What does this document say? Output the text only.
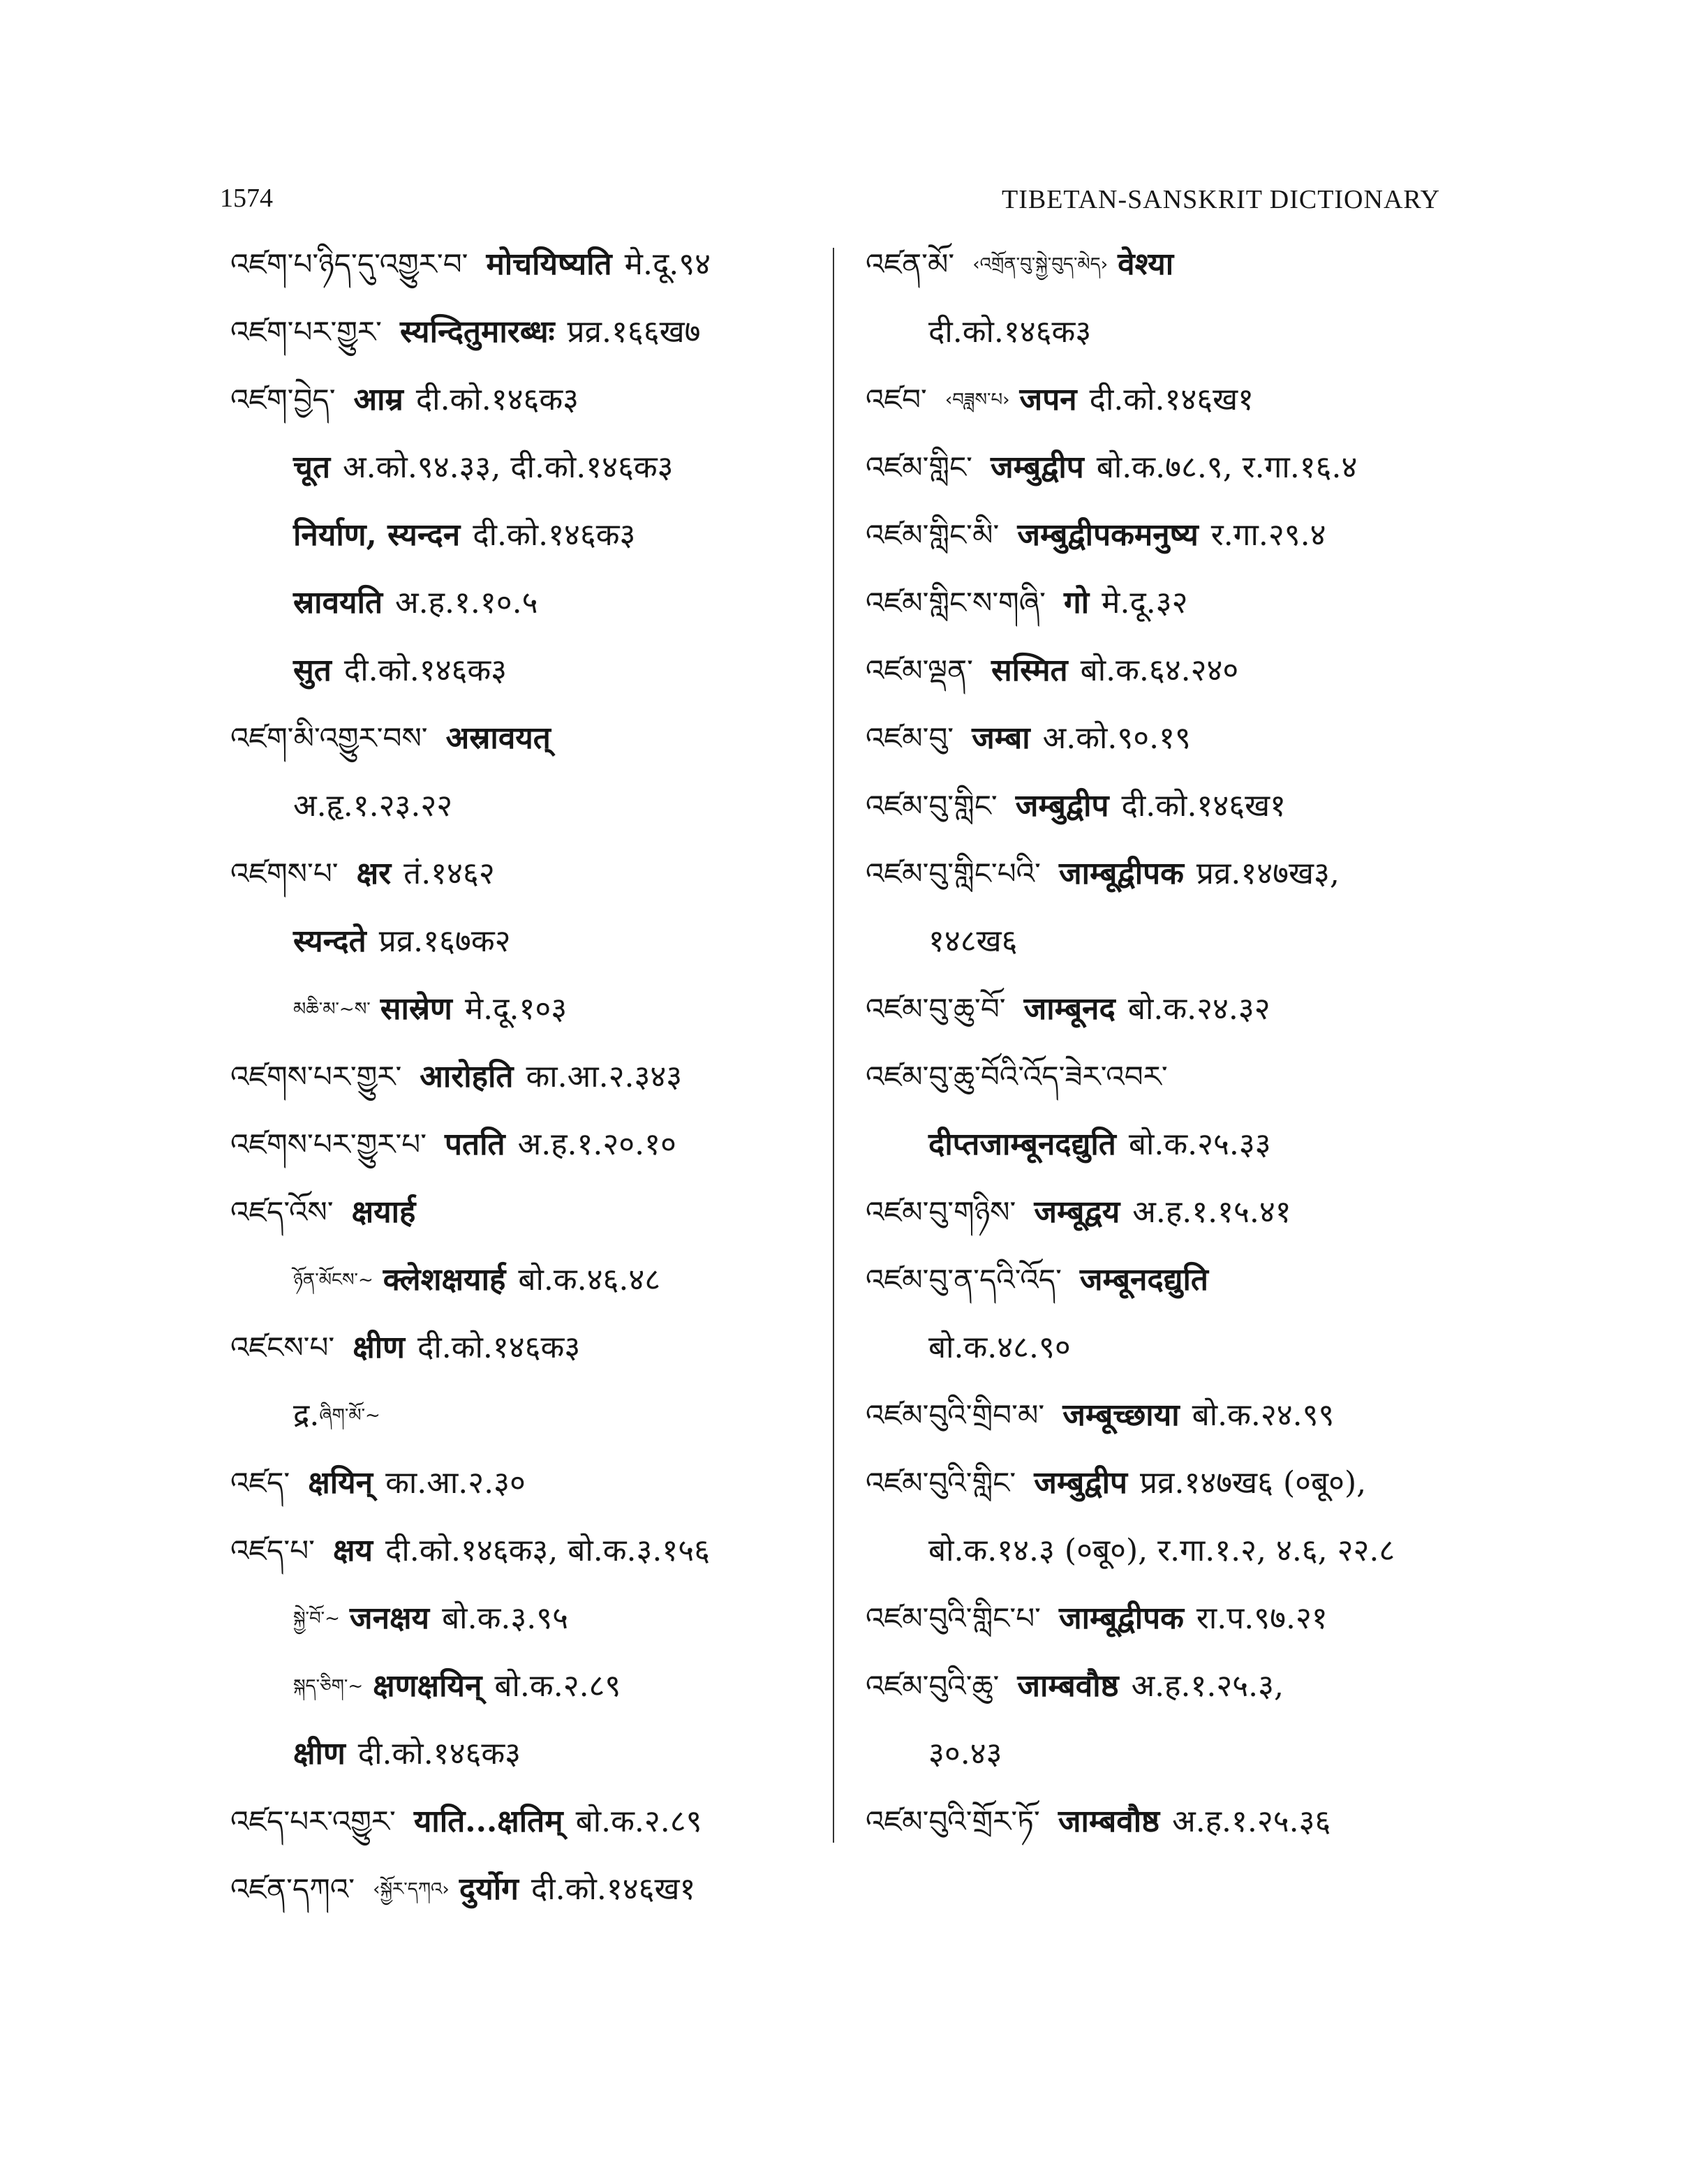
1574	TIBETAN-SANSKRIT DICTIONARY
འཛག་པ་ཉིད་དུ་འགྱུར་བ་ मोचयिष्यति मे.दू.९४
འཛག་པར་གྱུར་ स्यन्दितुमारब्धः प्रव्र.१६६ख७
འཛག་བྱེད་ आम्र दी.को.१४६क३
चूत अ.को.९४.३३, दी.को.१४६क३
निर्याण, स्यन्दन दी.को.१४६क३
स्रावयति अ.ह.१.१०.५
सुत दी.को.१४६क३
འཛག་མི་འགྱུར་བས་ अस्रावयत्
अ.हृ.१.२३.२२
འཛགས་པ་ क्षर तं.१४६२
स्यन्दते प्रव्र.१६७क२
མཆི་མ་~ས་ सास्रेण मे.दू.१०३
འཛགས་པར་གྱུར་ आरोहति का.आ.२.३४३
འཛགས་པར་གྱུར་པ་ पतति अ.ह.१.२०.१०
འཛད་འོས་ क्षयार्ह
ཉོན་མོངས་~ क्लेशक्षयार्ह बो.क.४६.४८
འཛངས་པ་ क्षीण दी.को.१४६क३
द्र. ཞིག་མོ་~
འཛད་ क्षयिन् का.आ.२.३०
འཛད་པ་ क्षय दी.को.१४६क३, बो.क.३.१५६
སྐྱེ་བོ་~ जनक्षय बो.क.३.९५
སྐད་ཅིག་~ क्षणक्षयिन् बो.क.२.८९
क्षीण दी.को.१४६क३
འཛད་པར་འགྱུར་ याति...क्षतिम् बो.क.२.८९
འཛན་དཀའ་ ‹སྐྱོར་དཀའ› दुर्योग दी.को.१४६ख१
འཛན་མོ་ ‹འགྲོན་བུ་སྐྱེ་བུད་མེད› वेश्या
दी.को.१४६क३
འཛབ་ ‹བཟླས་པ› जपन दी.को.१४६ख१
འཛམ་གླིང་ जम्बुद्वीप बो.क.७८.९, र.गा.१६.४
འཛམ་གླིང་མི་ जम्बुद्वीपकमनुष्य र.गा.२९.४
འཛམ་གླིང་ས་གཞི་ गो मे.दू.३२
འཛམ་ལྡན་ सस्मित बो.क.६४.२४०
འཛམ་བུ་ जम्बा अ.को.९०.१९
འཛམ་བུ་གླིང་ जम्बुद्वीप दी.को.१४६ख१
འཛམ་བུ་གླིང་པའི་ जाम्बूद्वीपक प्रव्र.१४७ख३,
१४८ख६
འཛམ་བུ་ཆུ་བོ་ जाम्बूनद बो.क.२४.३२
འཛམ་བུ་ཆུ་བོའི་འོད་ཟེར་འབར་
दीप्तजाम्बूनदद्युति बो.क.२५.३३
འཛམ་བུ་གཉིས་ जम्बूद्वय अ.ह.१.१५.४१
འཛམ་བུ་ན་དའི་འོད་ जम्बूनदद्युति
बो.क.४८.९०
འཛམ་བུའི་གྲིབ་མ་ जम्बूच्छाया बो.क.२४.९९
འཛམ་བུའི་གླིང་ जम्बुद्वीप प्रव्र.१४७ख६ (०बू०),
बो.क.१४.३ (०बू०), र.गा.१.२, ४.६, २२.८
འཛམ་བུའི་གླིང་པ་ जाम्बूद्वीपक रा.प.९७.२१
འཛམ་བུའི་ཆུ་ जाम्बवौष्ठ अ.ह.१.२५.३,
३०.४३
འཛམ་བུའི་གྲོར་ཏོ་ जाम्बवौष्ठ अ.ह.१.२५.३६
